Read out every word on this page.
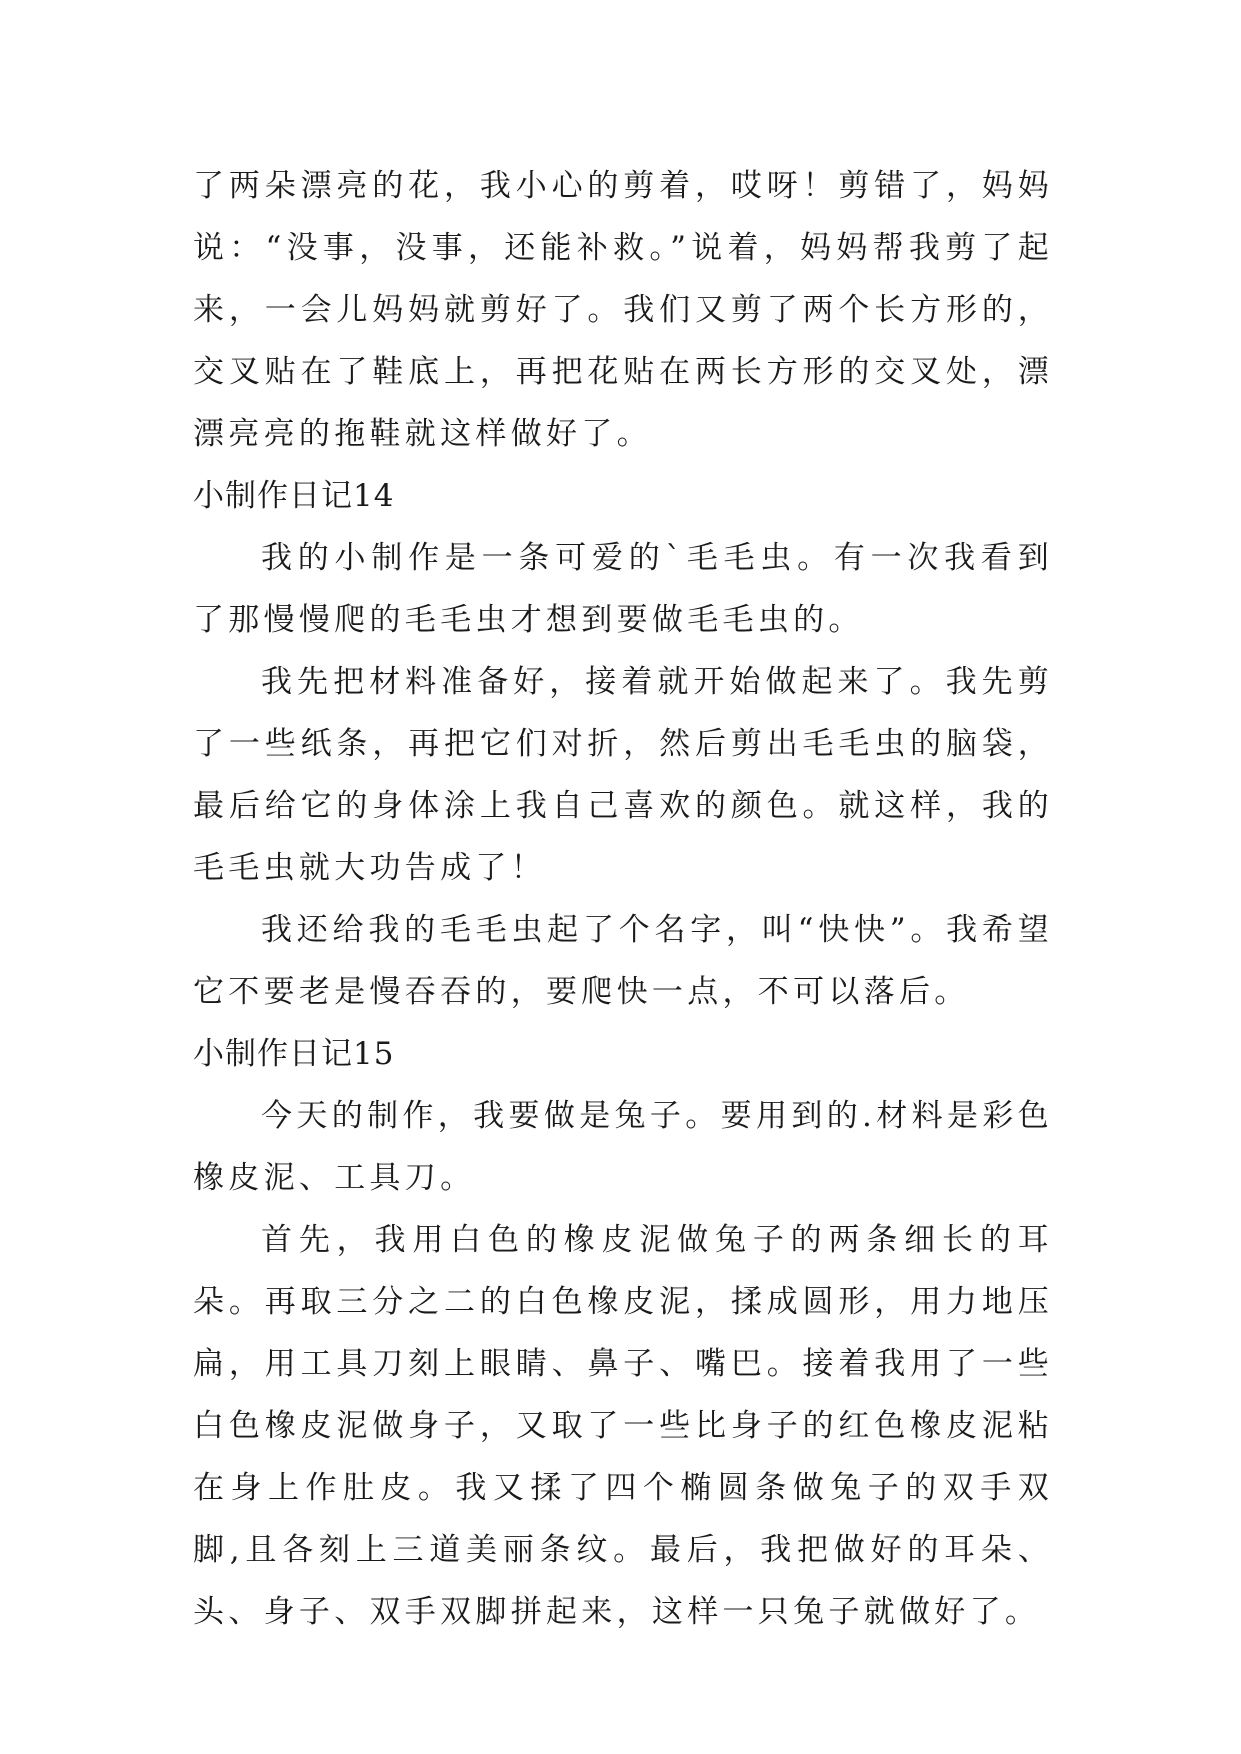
了两朵漂亮的花，我小心的剪着，哎呀！剪错了，妈妈说：“没事，没事，还能补救。”说着，妈妈帮我剪了起来，一会儿妈妈就剪好了。我们又剪了两个长方形的，交叉贴在了鞋底上，再把花贴在两长方形的交叉处，漂漂亮亮的拖鞋就这样做好了。

小制作日记14

我的小制作是一条可爱的`毛毛虫。有一次我看到了那慢慢爬的毛毛虫才想到要做毛毛虫的。

我先把材料准备好，接着就开始做起来了。我先剪了一些纸条，再把它们对折，然后剪出毛毛虫的脑袋，最后给它的身体涂上我自己喜欢的颜色。就这样，我的毛毛虫就大功告成了！

我还给我的毛毛虫起了个名字，叫“快快”。我希望它不要老是慢吞吞的，要爬快一点，不可以落后。

小制作日记15

今天的制作，我要做是兔子。要用到的.材料是彩色橡皮泥、工具刀。

首先，我用白色的橡皮泥做兔子的两条细长的耳朵。再取三分之二的白色橡皮泥，揉成圆形，用力地压扁，用工具刀刻上眼睛、鼻子、嘴巴。接着我用了一些白色橡皮泥做身子，又取了一些比身子的红色橡皮泥粘在身上作肚皮。我又揉了四个椭圆条做兔子的双手双脚,且各刻上三道美丽条纹。最后，我把做好的耳朵、头、身子、双手双脚拼起来，这样一只兔子就做好了。
